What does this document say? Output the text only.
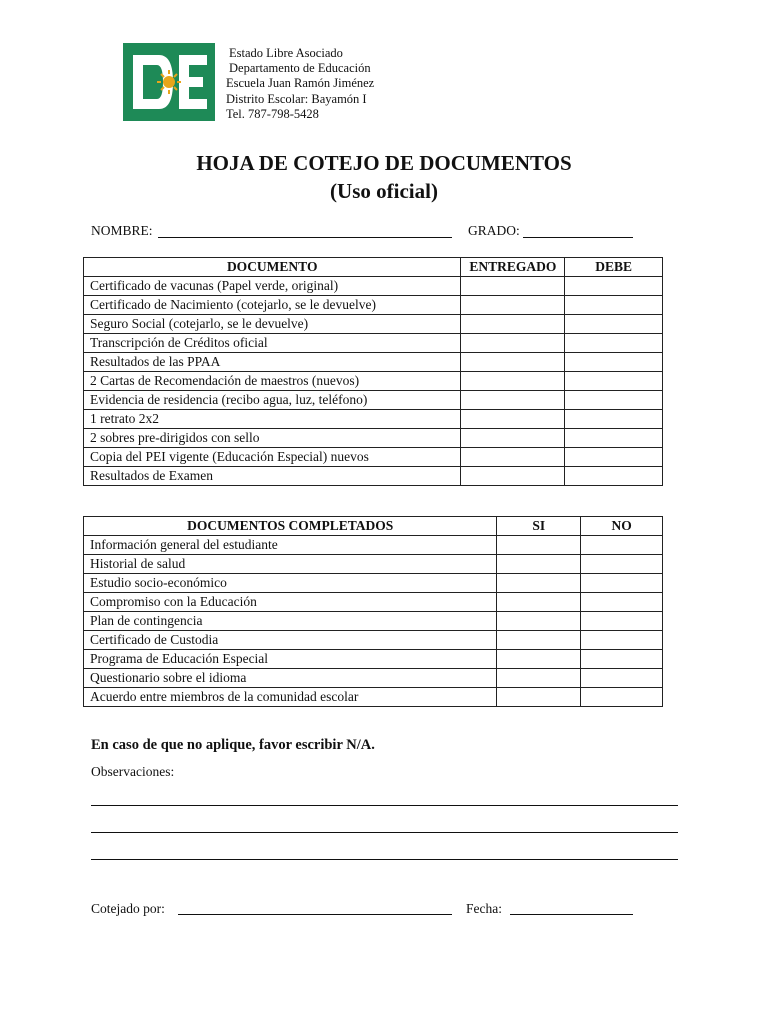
Estado Libre Asociado
Departamento de Educación
Escuela Juan Ramón Jiménez
Distrito Escolar: Bayamón I
Tel. 787-798-5428
HOJA DE COTEJO DE DOCUMENTOS
(Uso oficial)
NOMBRE:	GRADO:
DOCUMENTO	ENTREGADO	DEBE
Certificado de vacunas (Papel verde, original)		
Certificado de Nacimiento (cotejarlo, se le devuelve)		
Seguro Social (cotejarlo, se le devuelve)		
Transcripción de Créditos oficial		
Resultados de las PPAA		
2 Cartas de Recomendación de maestros (nuevos)		
Evidencia de residencia (recibo agua, luz, teléfono)		
1 retrato 2x2		
2 sobres pre-dirigidos con sello		
Copia del PEI vigente (Educación Especial) nuevos		
Resultados de Examen		
DOCUMENTOS COMPLETADOS	SI	NO
Información general del estudiante		
Historial de salud		
Estudio socio-económico		
Compromiso con la Educación		
Plan de contingencia		
Certificado de Custodia		
Programa de Educación Especial		
Questionario sobre el idioma		
Acuerdo entre miembros de la comunidad escolar		
En caso de que no aplique, favor escribir N/A.
Observaciones:
Cotejado por:	Fecha:
